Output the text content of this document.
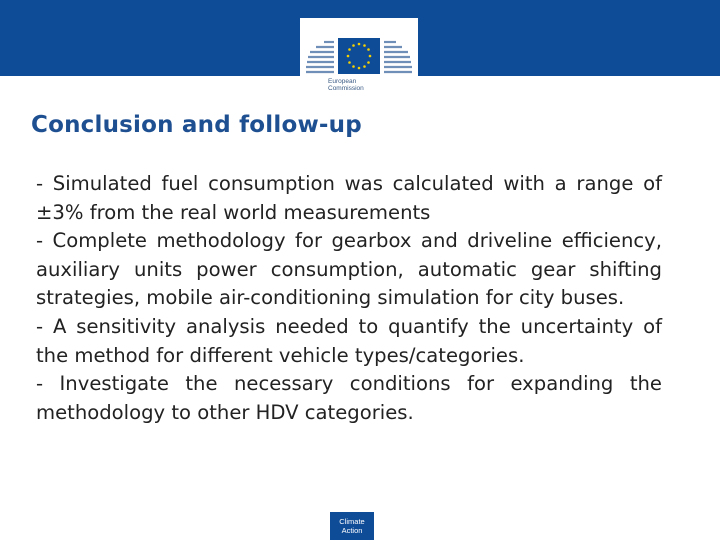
European
Commission
Conclusion and follow-up

- Simulated fuel consumption was calculated with a range of ±3% from the real world measurements

- Complete methodology for gearbox and driveline efficiency, auxiliary units power consumption, automatic gear shifting strategies, mobile air-conditioning simulation for city buses.

- A sensitivity analysis needed to quantify the uncertainty of the method for different vehicle types/categories.

- Investigate the necessary conditions for expanding the methodology to other HDV categories.

Climate
Action
